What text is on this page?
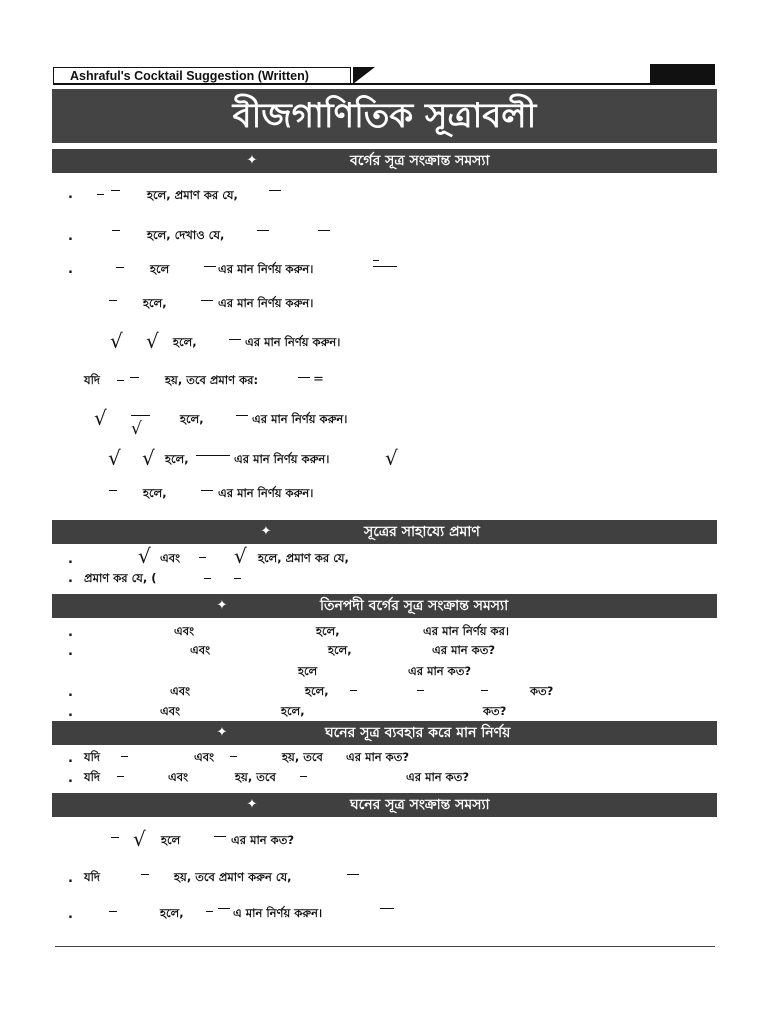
Ashraful's Cocktail Suggestion (Written)
বীজগাণিতিক সূত্রাবলী
✦	বর্গের সূত্র সংক্রান্ত সমস্যা
.	হলে, প্রমাণ কর যে,
.	হলে, দেখাও যে,
.	হলে	এর মান নির্ণয় করুন।
হলে,	এর মান নির্ণয় করুন।
√ √ হলে,	এর মান নির্ণয় করুন।
যদি	হয়, তবে প্রমাণ কর:	=
√ √	হলে,	এর মান নির্ণয় করুন।
√ √ হলে,	এর মান নির্ণয় করুন।	√
হলে,	এর মান নির্ণয় করুন।
✦	সূত্রের সাহায্যে প্রমাণ
.	√ এবং	√ হলে, প্রমাণ কর যে,
. প্রমাণ কর যে, (
✦	তিনপদী বর্গের সূত্র সংক্রান্ত সমস্যা
.	এবং	হলে,	এর মান নির্ণয় কর।
.	এবং	হলে,	এর মান কত?
হলে	এর মান কত?
.	এবং	হলে,	কত?
.	এবং	হলে,	কত?
✦	ঘনের সূত্র ব্যবহার করে মান নির্ণয়
. যদি	এবং	হয়, তবে এর মান কত?
. যদি	এবং	হয়, তবে	এর মান কত?
✦	ঘনের সূত্র সংক্রান্ত সমস্যা
√ হলে	এর মান কত?
. যদি	হয়, তবে প্রমাণ করুন যে,
.	হলে,	এ মান নির্ণয় করুন।
